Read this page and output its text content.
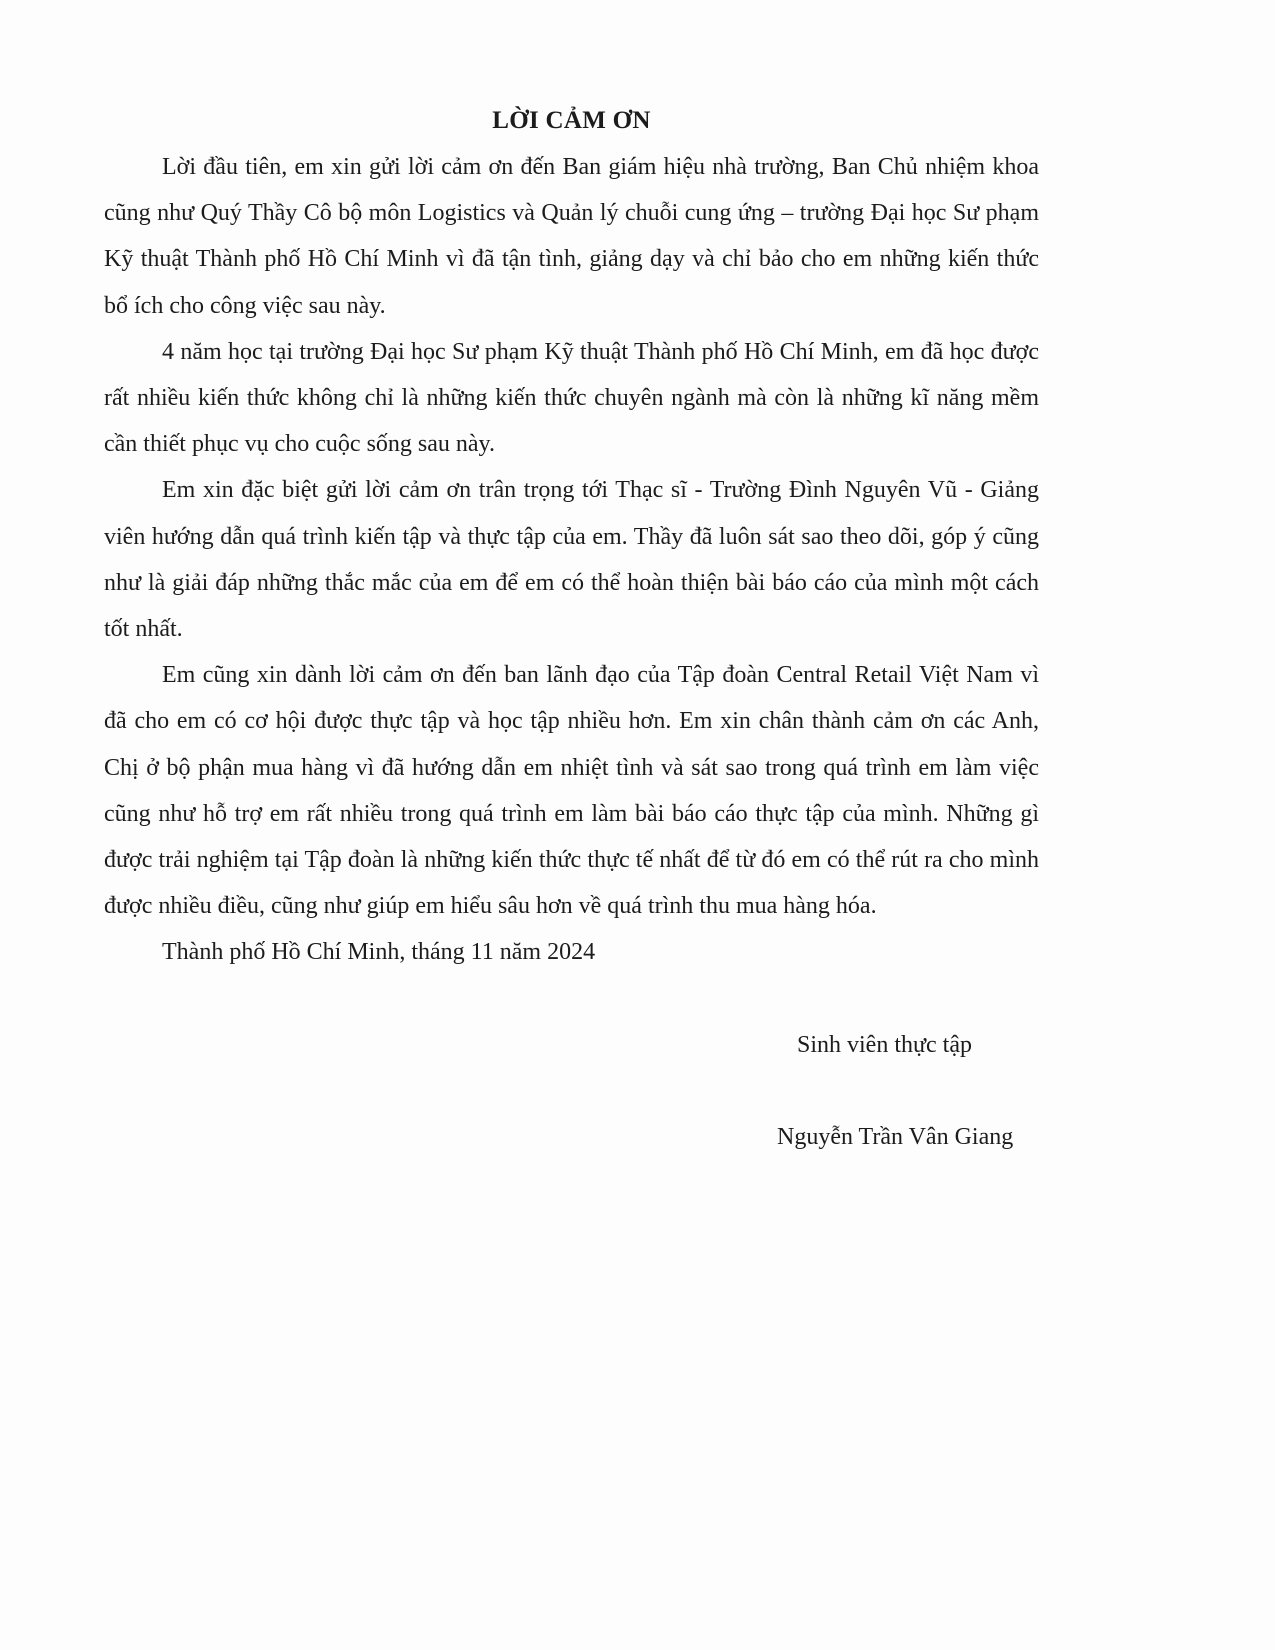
LỜI CẢM ƠN

Lời đầu tiên, em xin gửi lời cảm ơn đến Ban giám hiệu nhà trường, Ban Chủ nhiệm khoa cũng như Quý Thầy Cô bộ môn Logistics và Quản lý chuỗi cung ứng – trường Đại học Sư phạm Kỹ thuật Thành phố Hồ Chí Minh vì đã tận tình, giảng dạy và chỉ bảo cho em những kiến thức bổ ích cho công việc sau này.

4 năm học tại trường Đại học Sư phạm Kỹ thuật Thành phố Hồ Chí Minh, em đã học được rất nhiều kiến thức không chỉ là những kiến thức chuyên ngành mà còn là những kĩ năng mềm cần thiết phục vụ cho cuộc sống sau này.

Em xin đặc biệt gửi lời cảm ơn trân trọng tới Thạc sĩ - Trường Đình Nguyên Vũ - Giảng viên hướng dẫn quá trình kiến tập và thực tập của em. Thầy đã luôn sát sao theo dõi, góp ý cũng như là giải đáp những thắc mắc của em để em có thể hoàn thiện bài báo cáo của mình một cách tốt nhất.

Em cũng xin dành lời cảm ơn đến ban lãnh đạo của Tập đoàn Central Retail Việt Nam vì đã cho em có cơ hội được thực tập và học tập nhiều hơn. Em xin chân thành cảm ơn các Anh, Chị ở bộ phận mua hàng vì đã hướng dẫn em nhiệt tình và sát sao trong quá trình em làm việc cũng như hỗ trợ em rất nhiều trong quá trình em làm bài báo cáo thực tập của mình. Những gì được trải nghiệm tại Tập đoàn là những kiến thức thực tế nhất để từ đó em có thể rút ra cho mình được nhiều điều, cũng như giúp em hiểu sâu hơn về quá trình thu mua hàng hóa.

Thành phố Hồ Chí Minh, tháng 11 năm 2024

Sinh viên thực tập
Nguyễn Trần Vân Giang
